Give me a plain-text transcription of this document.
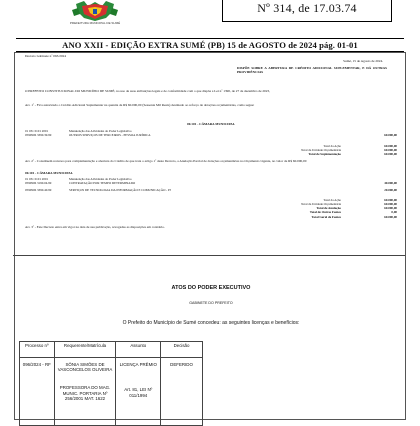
PREFEITURA MUNICIPAL DE SUMÉ
Nº 314, de 17.03.74
ANO XXII - EDIÇÃO EXTRA SUMÉ (PB) 15 de AGOSTO de 2024 pág. 01-01
Decreto Gabinete nº 063/2024
Sumé, 15 de Agosto de 2024.
DISPÕE SOBRE A ABERTURA DE CRÉDITO ADICIONAL SUPLEMENTAR, E DÁ OUTRAS PROVIDÊNCIAS
O PREFEITO CONSTITUCIONAL DO MUNICÍPIO DE SUMÉ, no uso de suas atribuições legais e de conformidade com o que dispõe a Lei nº 1390, de 27 de dezembro de 2023,
Art. 1º - Fica autorizado o Crédito Adicional Suplementar na quantia de R$ 60.000,00 (Sessenta Mil Reais) destinado ao reforço de dotações orçamentárias, como segue:
00.101 - CÂMARA MUNICIPAL
01 031 0101 2001	Manutenção das Atividades do Poder Legislativo
0590906 3390.39.99	OUTROS SERVIÇOS DE TERCEIROS - PESSOA JURÍDICA	60.000,00
Total da Ação	60.000,00
Total da Unidade Orçamentária	60.000,00
Total de Suplementação	60.000,00
Art. 2º - Constituem recursos para complementação e abertura do Crédito de que trata o artigo 1º deste Decreto, a Anulação Parcial de dotações orçamentárias no Orçamento vigente, no valor de R$ 60.000,00
00.101 - CÂMARA MUNICIPAL
01 031 0101 2001	Manutenção das Atividades do Poder Legislativo
0590906 3190.04.99	CONTRATAÇÃO POR TEMPO DETERMINADO	40.000,00
0590906 3390.40.99	SERVIÇOS DE TECNOLOGIA DA INFORMAÇÃO E COMUNICAÇÃO - PJ	20.000,00
Total da Ação	60.000,00
Total da Unidade Orçamentária	60.000,00
Total de Anulação	60.000,00
Total de Outras Fontes	0,00
Total Geral de Fontes	60.000,00
Art. 3º - Este Decreto entra em vigor na data de sua publicação, revogadas as disposições em contrário.
ATOS DO PODER EXECUTIVO
GABINETE DO PREFEITO
O Prefeito do Município de Sumé concedeu: as seguintes licenças e benefícios:
Processo nº	Requerente/Matrícula	Assunto	Decisão
096/2024 - RF	SÔNIA SIMÕES DE VASCONCELOS OLIVEIRA	LICENÇA PRÊMIO	DEFERIDO
	PROFESSORA DO MAG. MUNIC. PORTARIA Nº 256/2001 MAT. 1622	Art. 81, LEI Nº 011/1994	
